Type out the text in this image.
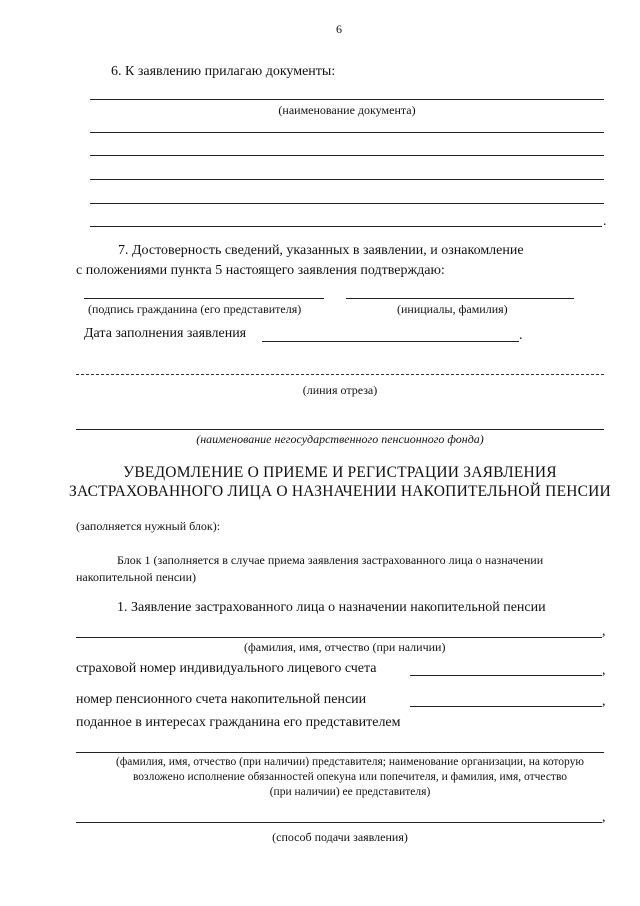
6
6. К заявлению прилагаю документы:
(наименование документа)
.
7. Достоверность сведений, указанных в заявлении, и ознакомление
с положениями пункта 5 настоящего заявления подтверждаю:
(подпись гражданина (его представителя)	(инициалы, фамилия)
Дата заполнения заявления	.
(линия отреза)
(наименование негосударственного пенсионного фонда)
УВЕДОМЛЕНИЕ О ПРИЕМЕ И РЕГИСТРАЦИИ ЗАЯВЛЕНИЯ
ЗАСТРАХОВАННОГО ЛИЦА О НАЗНАЧЕНИИ НАКОПИТЕЛЬНОЙ ПЕНСИИ
(заполняется нужный блок):
Блок 1 (заполняется в случае приема заявления застрахованного лица о назначении
накопительной пенсии)
1. Заявление застрахованного лица о назначении накопительной пенсии
,
(фамилия, имя, отчество (при наличии)
страховой номер индивидуального лицевого счета	,
номер пенсионного счета накопительной пенсии	,
поданное в интересах гражданина его представителем
(фамилия, имя, отчество (при наличии) представителя; наименование организации, на которую
возложено исполнение обязанностей опекуна или попечителя, и фамилия, имя, отчество
(при наличии) ее представителя)
,
(способ подачи заявления)
